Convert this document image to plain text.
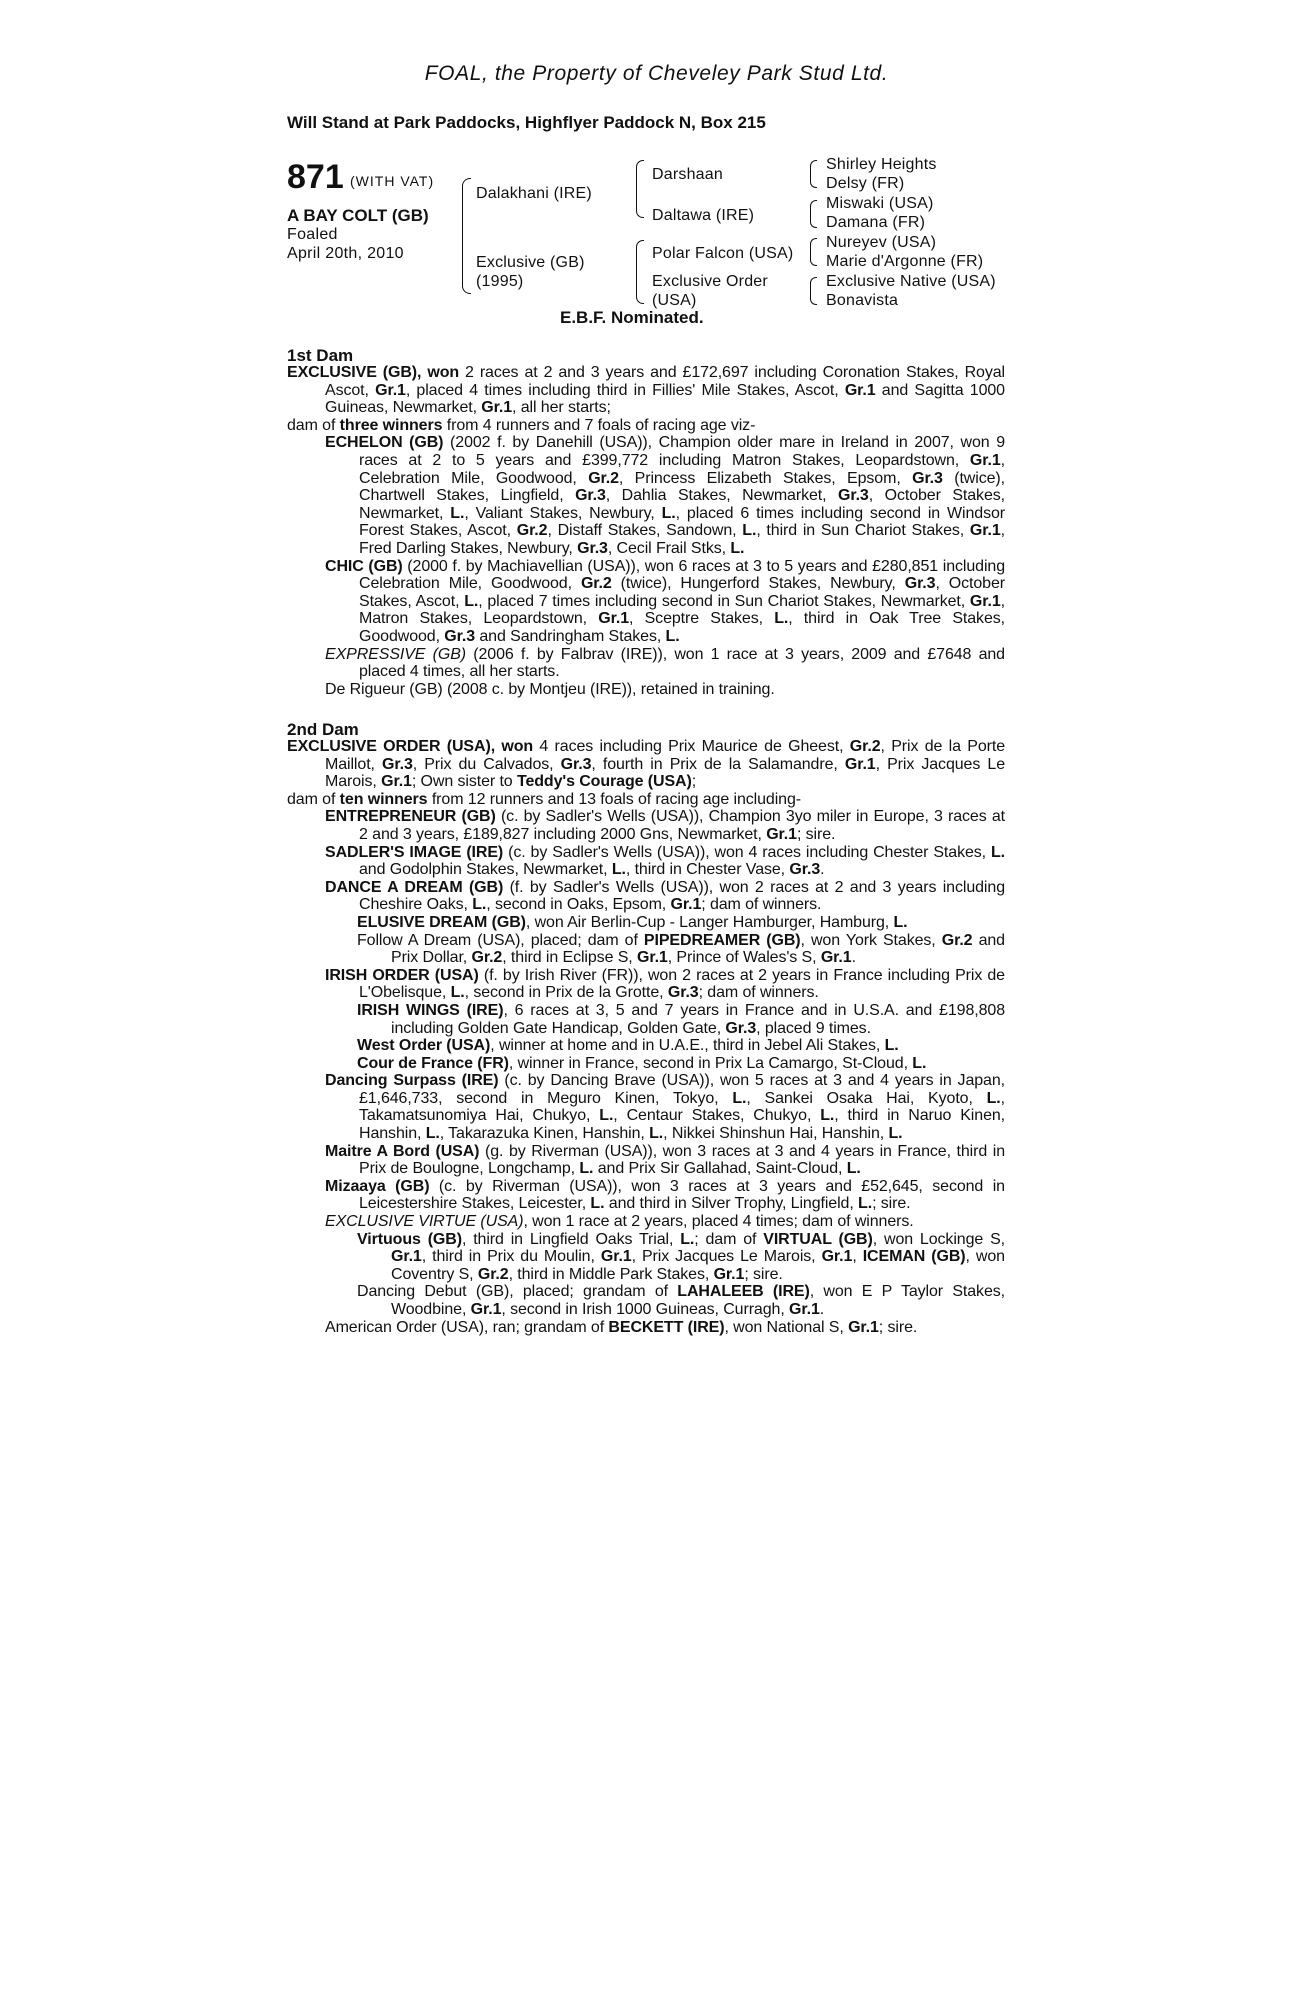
FOAL, the Property of Cheveley Park Stud Ltd.
Will Stand at Park Paddocks, Highflyer Paddock N, Box 215
871 (WITH VAT)
A BAY COLT (GB)
Foaled
April 20th, 2010
Dalakhani (IRE)
Exclusive (GB)
(1995)
Darshaan
Daltawa (IRE)
Polar Falcon (USA)
Exclusive Order
(USA)
Shirley Heights
Delsy (FR)
Miswaki (USA)
Damana (FR)
Nureyev (USA)
Marie d'Argonne (FR)
Exclusive Native (USA)
Bonavista
E.B.F. Nominated.
1st Dam
EXCLUSIVE (GB), won 2 races at 2 and 3 years and £172,697 including Coronation Stakes, Royal Ascot, Gr.1, placed 4 times including third in Fillies' Mile Stakes, Ascot, Gr.1 and Sagitta 1000 Guineas, Newmarket, Gr.1, all her starts;
dam of three winners from 4 runners and 7 foals of racing age viz-
ECHELON (GB) (2002 f. by Danehill (USA)), Champion older mare in Ireland in 2007, won 9 races at 2 to 5 years and £399,772 including Matron Stakes, Leopardstown, Gr.1, Celebration Mile, Goodwood, Gr.2, Princess Elizabeth Stakes, Epsom, Gr.3 (twice), Chartwell Stakes, Lingfield, Gr.3, Dahlia Stakes, Newmarket, Gr.3, October Stakes, Newmarket, L., Valiant Stakes, Newbury, L., placed 6 times including second in Windsor Forest Stakes, Ascot, Gr.2, Distaff Stakes, Sandown, L., third in Sun Chariot Stakes, Gr.1, Fred Darling Stakes, Newbury, Gr.3, Cecil Frail Stks, L.
CHIC (GB) (2000 f. by Machiavellian (USA)), won 6 races at 3 to 5 years and £280,851 including Celebration Mile, Goodwood, Gr.2 (twice), Hungerford Stakes, Newbury, Gr.3, October Stakes, Ascot, L., placed 7 times including second in Sun Chariot Stakes, Newmarket, Gr.1, Matron Stakes, Leopardstown, Gr.1, Sceptre Stakes, L., third in Oak Tree Stakes, Goodwood, Gr.3 and Sandringham Stakes, L.
EXPRESSIVE (GB) (2006 f. by Falbrav (IRE)), won 1 race at 3 years, 2009 and £7648 and placed 4 times, all her starts.
De Rigueur (GB) (2008 c. by Montjeu (IRE)), retained in training.
2nd Dam
EXCLUSIVE ORDER (USA), won 4 races including Prix Maurice de Gheest, Gr.2, Prix de la Porte Maillot, Gr.3, Prix du Calvados, Gr.3, fourth in Prix de la Salamandre, Gr.1, Prix Jacques Le Marois, Gr.1; Own sister to Teddy's Courage (USA);
dam of ten winners from 12 runners and 13 foals of racing age including-
ENTREPRENEUR (GB) (c. by Sadler's Wells (USA)), Champion 3yo miler in Europe, 3 races at 2 and 3 years, £189,827 including 2000 Gns, Newmarket, Gr.1; sire.
SADLER'S IMAGE (IRE) (c. by Sadler's Wells (USA)), won 4 races including Chester Stakes, L. and Godolphin Stakes, Newmarket, L., third in Chester Vase, Gr.3.
DANCE A DREAM (GB) (f. by Sadler's Wells (USA)), won 2 races at 2 and 3 years including Cheshire Oaks, L., second in Oaks, Epsom, Gr.1; dam of winners.
ELUSIVE DREAM (GB), won Air Berlin-Cup - Langer Hamburger, Hamburg, L.
Follow A Dream (USA), placed; dam of PIPEDREAMER (GB), won York Stakes, Gr.2 and Prix Dollar, Gr.2, third in Eclipse S, Gr.1, Prince of Wales's S, Gr.1.
IRISH ORDER (USA) (f. by Irish River (FR)), won 2 races at 2 years in France including Prix de L'Obelisque, L., second in Prix de la Grotte, Gr.3; dam of winners.
IRISH WINGS (IRE), 6 races at 3, 5 and 7 years in France and in U.S.A. and £198,808 including Golden Gate Handicap, Golden Gate, Gr.3, placed 9 times.
West Order (USA), winner at home and in U.A.E., third in Jebel Ali Stakes, L.
Cour de France (FR), winner in France, second in Prix La Camargo, St-Cloud, L.
Dancing Surpass (IRE) (c. by Dancing Brave (USA)), won 5 races at 3 and 4 years in Japan, £1,646,733, second in Meguro Kinen, Tokyo, L., Sankei Osaka Hai, Kyoto, L., Takamatsunomiya Hai, Chukyo, L., Centaur Stakes, Chukyo, L., third in Naruo Kinen, Hanshin, L., Takarazuka Kinen, Hanshin, L., Nikkei Shinshun Hai, Hanshin, L.
Maitre A Bord (USA) (g. by Riverman (USA)), won 3 races at 3 and 4 years in France, third in Prix de Boulogne, Longchamp, L. and Prix Sir Gallahad, Saint-Cloud, L.
Mizaaya (GB) (c. by Riverman (USA)), won 3 races at 3 years and £52,645, second in Leicestershire Stakes, Leicester, L. and third in Silver Trophy, Lingfield, L.; sire.
EXCLUSIVE VIRTUE (USA), won 1 race at 2 years, placed 4 times; dam of winners.
Virtuous (GB), third in Lingfield Oaks Trial, L.; dam of VIRTUAL (GB), won Lockinge S, Gr.1, third in Prix du Moulin, Gr.1, Prix Jacques Le Marois, Gr.1, ICEMAN (GB), won Coventry S, Gr.2, third in Middle Park Stakes, Gr.1; sire.
Dancing Debut (GB), placed; grandam of LAHALEEB (IRE), won E P Taylor Stakes, Woodbine, Gr.1, second in Irish 1000 Guineas, Curragh, Gr.1.
American Order (USA), ran; grandam of BECKETT (IRE), won National S, Gr.1; sire.
